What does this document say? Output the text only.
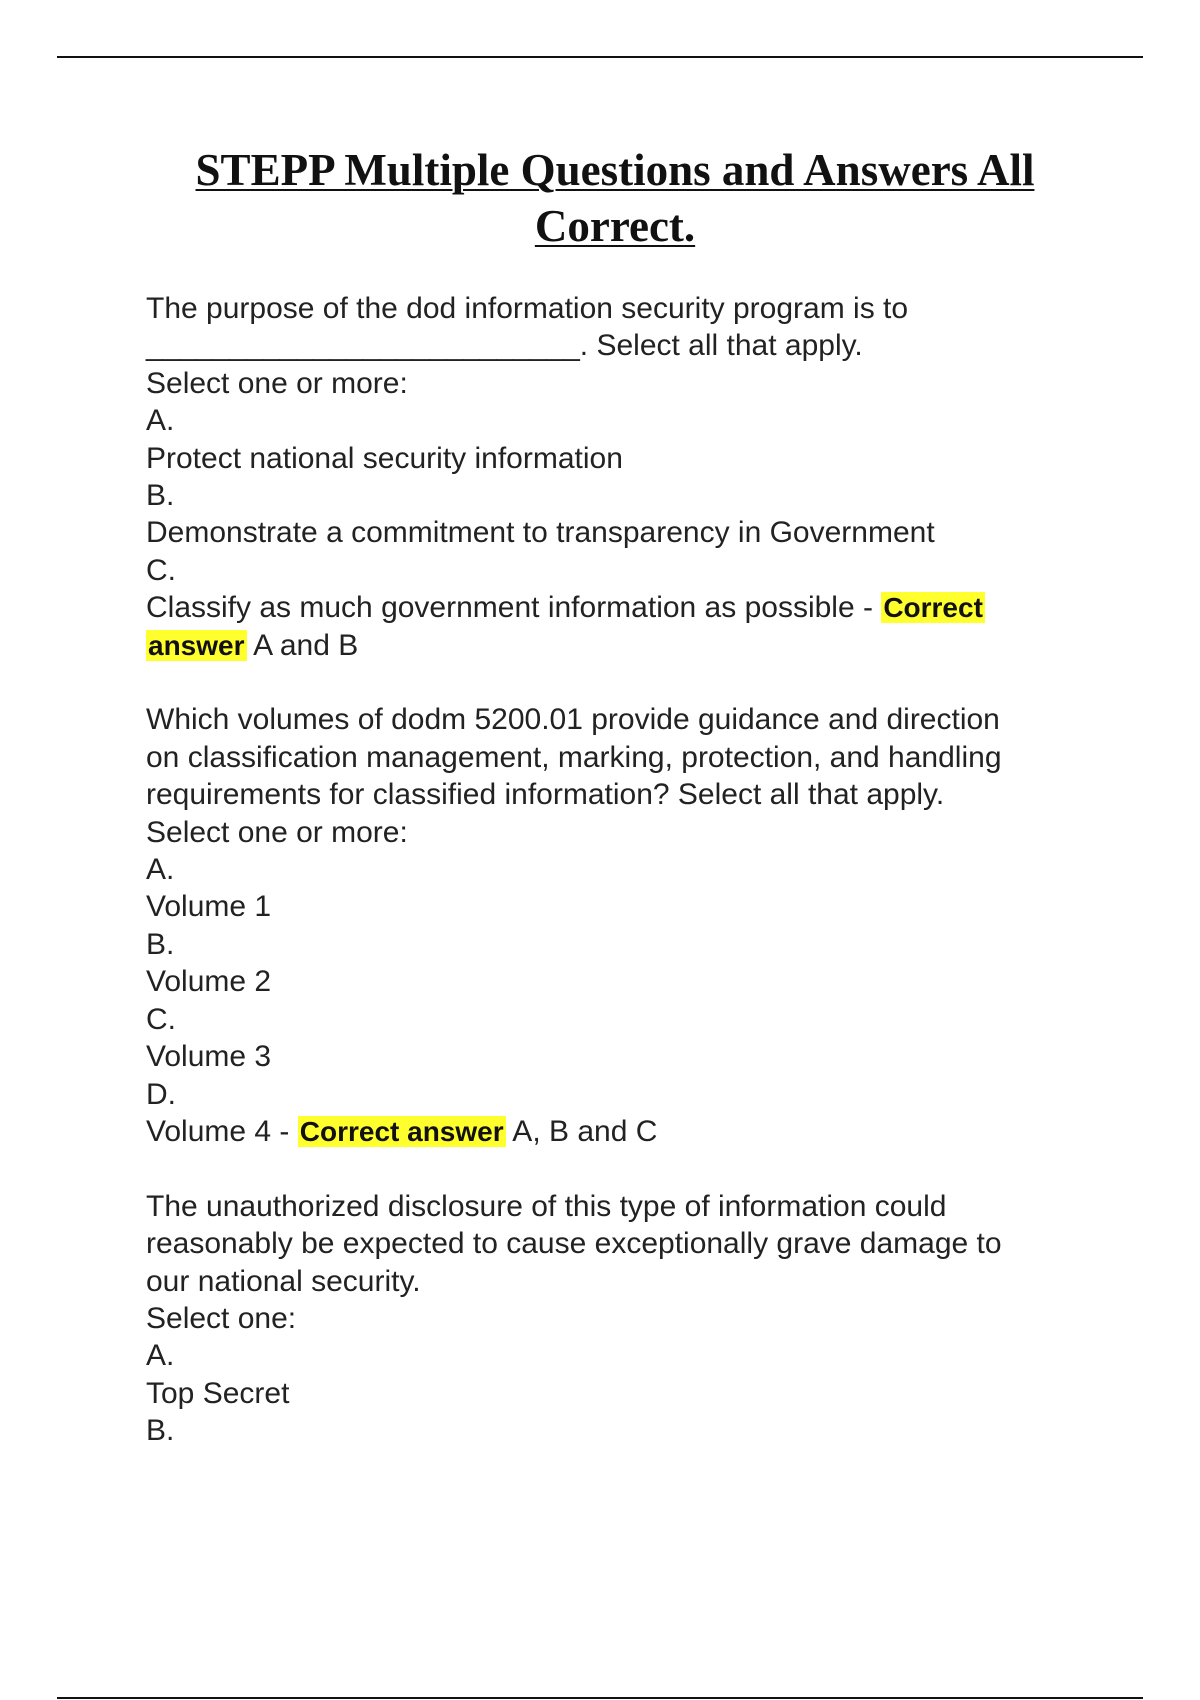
STEPP Multiple Questions and Answers All
Correct.
The purpose of the dod information security program is to
__________________________. Select all that apply.
Select one or more:
A.
Protect national security information
B.
Demonstrate a commitment to transparency in Government
C.
Classify as much government information as possible - Correct
answer A and B
Which volumes of dodm 5200.01 provide guidance and direction
on classification management, marking, protection, and handling
requirements for classified information? Select all that apply.
Select one or more:
A.
Volume 1
B.
Volume 2
C.
Volume 3
D.
Volume 4 - Correct answer A, B and C
The unauthorized disclosure of this type of information could
reasonably be expected to cause exceptionally grave damage to
our national security.
Select one:
A.
Top Secret
B.
